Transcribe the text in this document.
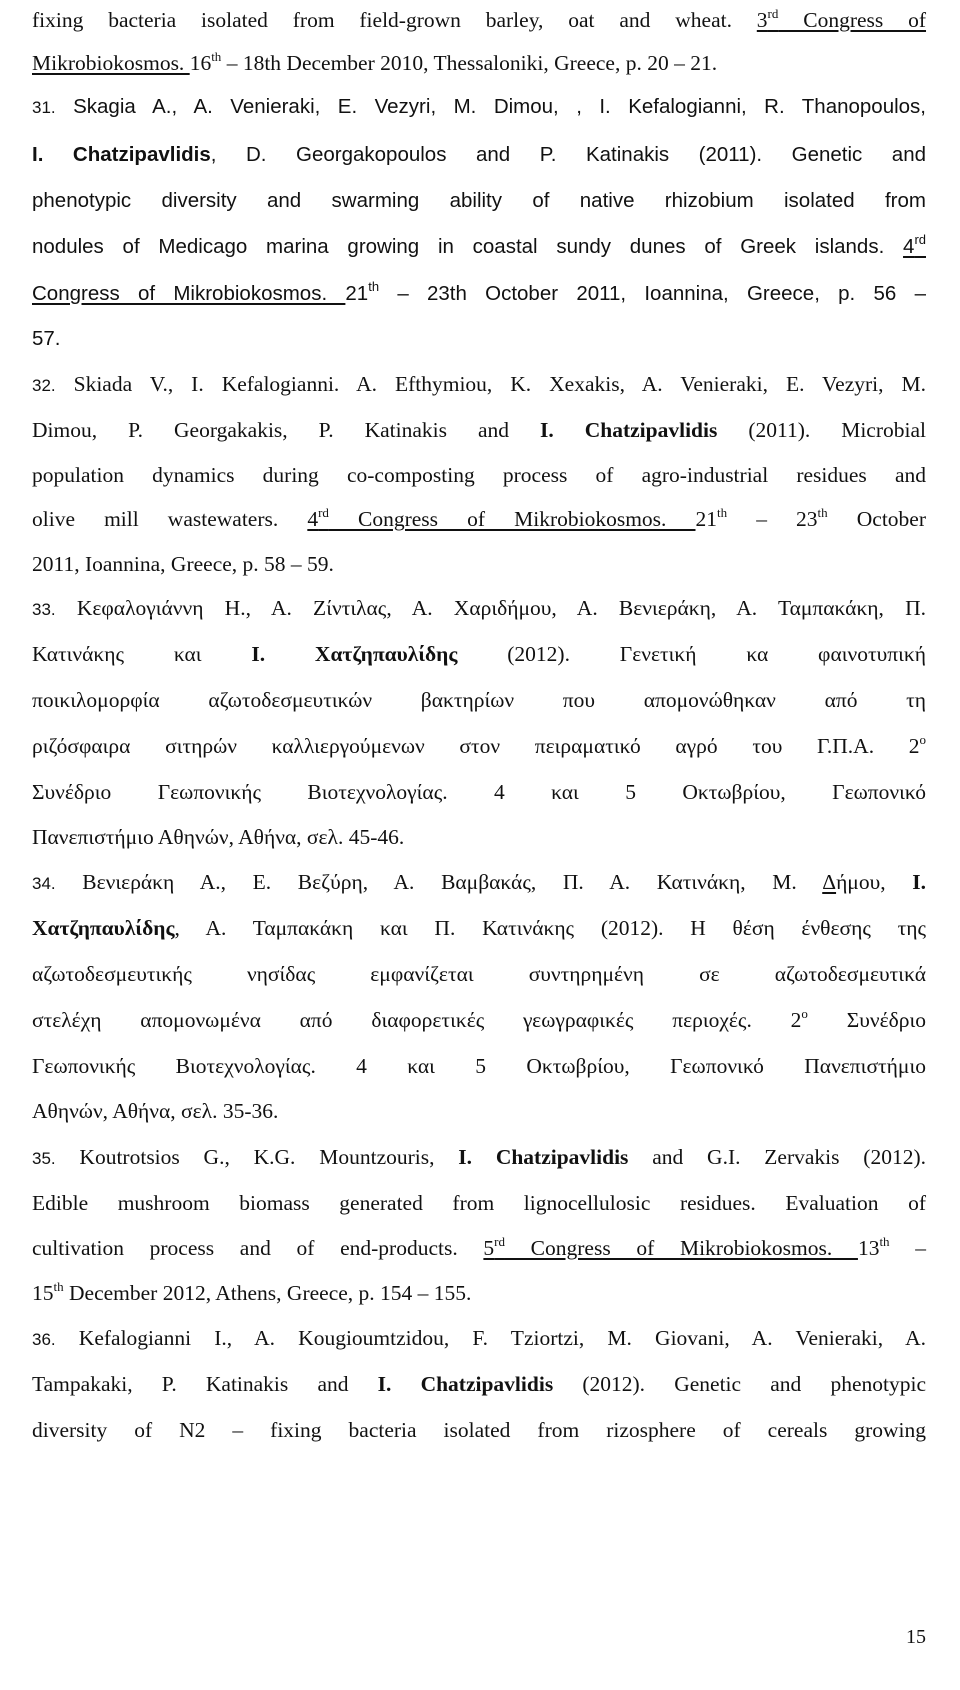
fixing bacteria isolated from field-grown barley, oat and wheat. 3rd Congress of
Mikrobiokosmos. 16th – 18th December 2010, Thessaloniki, Greece, p. 20 – 21.
31. Skagia A., A. Venieraki, E. Vezyri, M. Dimou, , I. Kefalogianni, R. Thanopoulos,
I. Chatzipavlidis, D. Georgakopoulos and P. Katinakis (2011). Genetic and
phenotypic diversity and swarming ability of native rhizobium isolated from
nodules of Medicago marina growing in coastal sundy dunes of Greek islands. 4rd
Congress of Mikrobiokosmos. 21th – 23th October 2011, Ioannina, Greece, p. 56 –
57.
32. Skiada V., I. Kefalogianni. A. Efthymiou, K. Xexakis, A. Venieraki, E. Vezyri, M.
Dimou, P. Georgakakis, P. Katinakis and I. Chatzipavlidis (2011). Microbial
population dynamics during co-composting process of agro-industrial residues and
olive mill wastewaters. 4rd Congress of Mikrobiokosmos. 21th – 23th October
2011, Ioannina, Greece, p. 58 – 59.
33. Κεφαλογιάννη Η., Α. Ζίντιλας, Α. Χαριδήμου, Α. Βενιεράκη, Α. Ταμπακάκη, Π.
Κατινάκης και Ι. Χατζηπαυλίδης (2012). Γενετική κα φαινοτυπική
ποικιλομορφία αζωτοδεσμευτικών βακτηρίων που απομονώθηκαν από τη
ριζόσφαιρα σιτηρών καλλιεργούμενων στον πειραματικό αγρό του Γ.Π.Α. $2^o$
Συνέδριο Γεωπονικής Βιοτεχνολογίας. 4 και 5 Οκτωβρίου, Γεωπονικό
Πανεπιστήμιο Αθηνών, Αθήνα, σελ. 45-46.
34. Βενιεράκη Α., Ε. Βεζύρη, Α. Βαμβακάς, Π. Α. Κατινάκη, Μ. Δήμου, Ι.
Χατζηπαυλίδης, Α. Ταμπακάκη και Π. Κατινάκης (2012). Η θέση ένθεσης της
αζωτοδεσμευτικής νησίδας εμφανίζεται συντηρημένη σε αζωτοδεσμευτικά
στελέχη απομονωμένα από διαφορετικές γεωγραφικές περιοχές. $2^o$ Συνέδριο
Γεωπονικής Βιοτεχνολογίας. 4 και 5 Οκτωβρίου, Γεωπονικό Πανεπιστήμιο
Αθηνών, Αθήνα, σελ. 35-36.
35. Koutrotsios G., K.G. Mountzouris, I. Chatzipavlidis and G.I. Zervakis (2012).
Edible mushroom biomass generated from lignocellulosic residues. Evaluation of
cultivation process and of end-products. 5rd Congress of Mikrobiokosmos. 13th –
15th December 2012, Athens, Greece, p. 154 – 155.
36. Kefalogianni I., A. Kougioumtzidou, F. Tziortzi, M. Giovani, A. Venieraki, A.
Tampakaki, P. Katinakis and I. Chatzipavlidis (2012). Genetic and phenotypic
diversity of N2 – fixing bacteria isolated from rizosphere of cereals growing
15
